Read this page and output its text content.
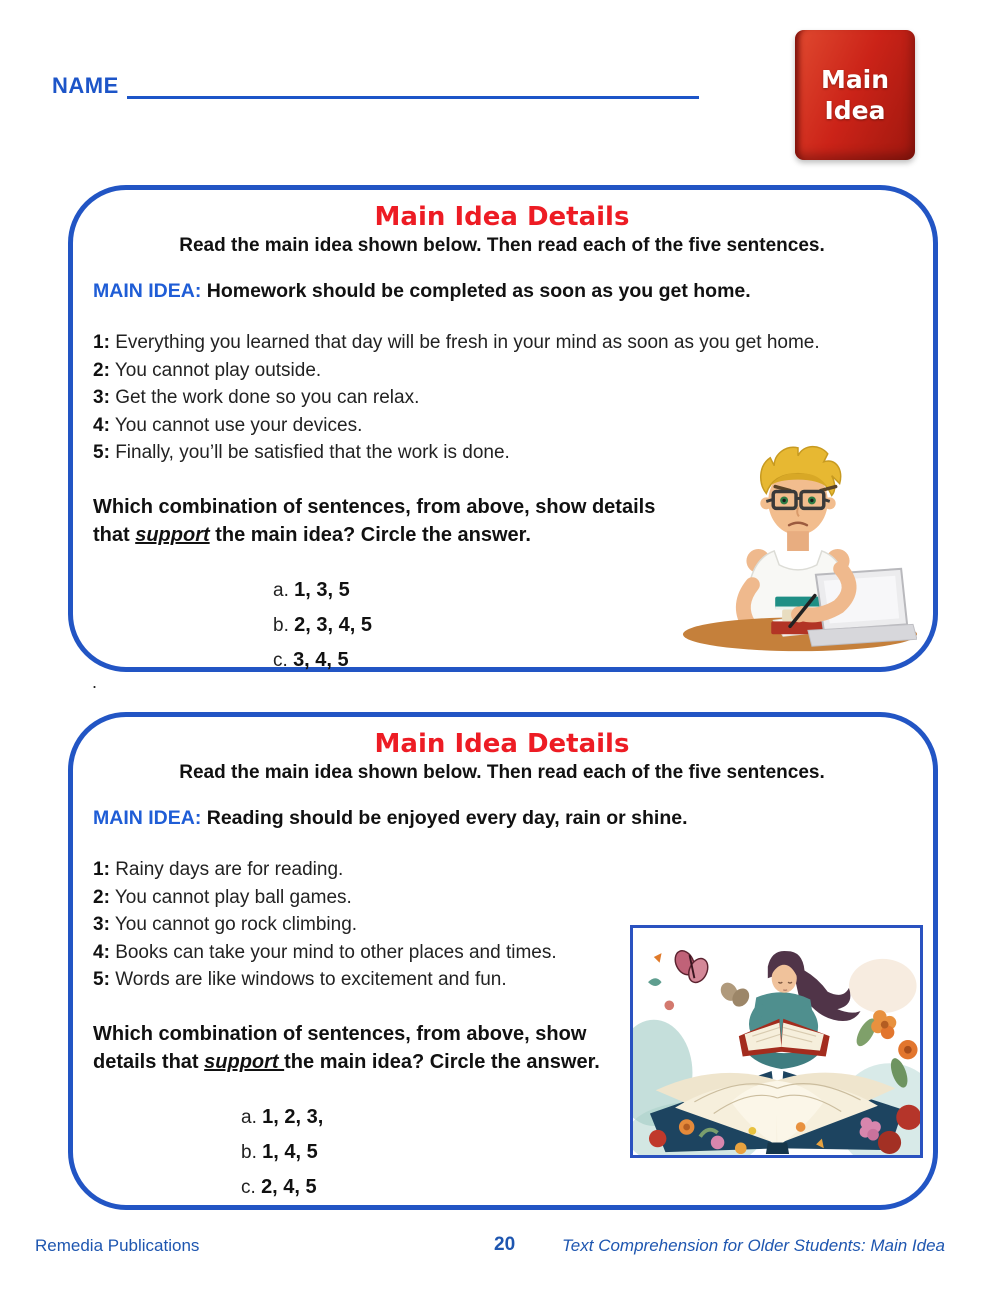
NAME	Main
Idea
Main Idea Details
Read the main idea shown below. Then read each of the five sentences.
MAIN IDEA: Homework should be completed as soon as you get home.
1: Everything you learned that day will be fresh in your mind as soon as you get home.
2: You cannot play outside.
3: Get the work done so you can relax.
4: You cannot use your devices.
5: Finally, you’ll be satisfied that the work is done.
Which combination of sentences, from above, show details
that support the main idea? Circle the answer.
a. 1, 3, 5
b. 2, 3, 4, 5
c. 3, 4, 5
.
Main Idea Details
Read the main idea shown below. Then read each of the five sentences.
MAIN IDEA: Reading should be enjoyed every day, rain or shine.
1: Rainy days are for reading.
2: You cannot play ball games.
3: You cannot go rock climbing.
4: Books can take your mind to other places and times.
5: Words are like windows to excitement and fun.
Which combination of sentences, from above, show
details that support the main idea? Circle the answer.
a. 1, 2, 3,
b. 1, 4, 5
c. 2, 4, 5
Remedia Publications	20	Text Comprehension for Older Students: Main Idea
